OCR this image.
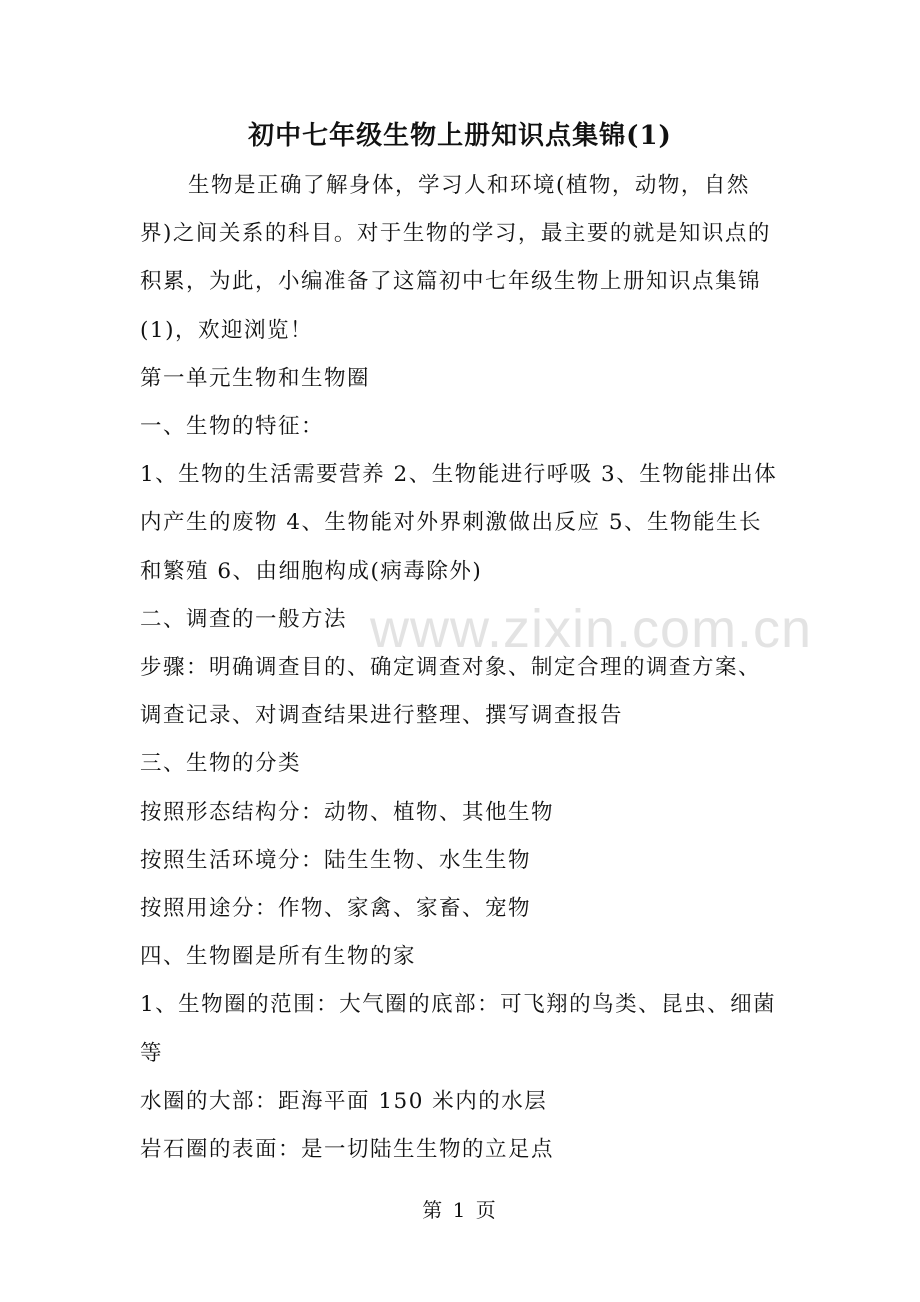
初中七年级生物上册知识点集锦(1)

生物是正确了解身体，学习人和环境(植物，动物，自然界)之间关系的科目。对于生物的学习，最主要的就是知识点的积累，为此，小编准备了这篇初中七年级生物上册知识点集锦(1)，欢迎浏览！

第一单元生物和生物圈

一、生物的特征：

1、生物的生活需要营养 2、生物能进行呼吸 3、生物能排出体内产生的废物 4、生物能对外界刺激做出反应 5、生物能生长和繁殖 6、由细胞构成(病毒除外)

二、调查的一般方法

步骤：明确调查目的、确定调查对象、制定合理的调查方案、调查记录、对调查结果进行整理、撰写调查报告

三、生物的分类

按照形态结构分：动物、植物、其他生物

按照生活环境分：陆生生物、水生生物

按照用途分：作物、家禽、家畜、宠物

四、生物圈是所有生物的家

1、生物圈的范围：大气圈的底部：可飞翔的鸟类、昆虫、细菌等

水圈的大部：距海平面 150 米内的水层

岩石圈的表面：是一切陆生生物的立足点

www.zixin.com.cn
第 1 页
